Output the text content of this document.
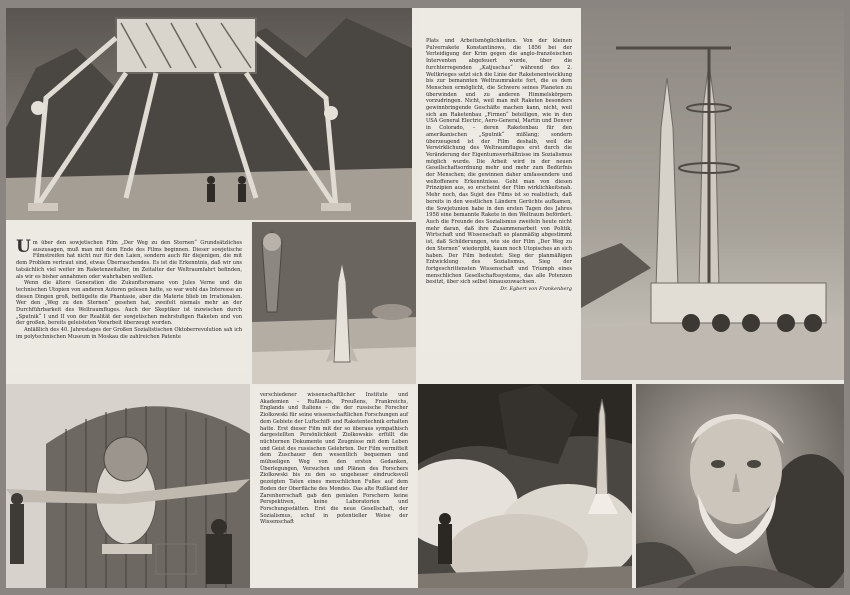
Plats und Arbeitsmöglichkeiten. Von der kleinen Pulverrakete Konstantinows, die 1856 bei der Verteidigung der Krim gegen die anglo-französischen Interventen abgefeuert wurde, über die furchterregenden „Katjuschas“ während des 2. Weltkrieges setzt sich die Linie der Raketenentwicklung bis zur bemannten Weltraumrakete fort, die es dem Menschen ermöglicht, die Schwere seines Planeten zu überwinden und zu anderen Himmelskörpern vorzudringen. Nicht, weil man mit Raketen besonders gewinnbringende Geschäfte machen kann, nicht, weil sich am Raketenbau „Firmen“ beteiligen, wie in den USA General Electric, Aero-General, Martin und Denver in Colorado, – deren Raketenbau für den amerikanischen „Sputnik“ mißlang; sondern überzeugend ist der Film deshalb, weil die Verwirklichung des Weltraumfluges erst durch die Veränderung der Eigentumsverhältnisse im Sozialismus möglich wurde. Die Arbeit wird in der neuen Gesellschaftsordnung mehr und mehr zum Bedürfnis der Menschen; die gewinnen daher umfassendere und weltoffenere Erkenntnisse. Geht man von diesen Prinzipien aus, so erscheint der Film wirklichkeitsnah. Mehr noch, das Sujet des Films ist so realistisch, daß bereits in den westlichen Ländern Gerüchte aufkamen, die Sowjetunion habe in den ersten Tagen des Jahres 1958 eine bemannte Rakete in den Weltraum befördert. Auch die Freunde des Sozialismus zweifeln heute nicht mehr daran, daß ihre Zusammenarbeit von Politik, Wirtschaft und Wissenschaft so planmäßig abgestimmt ist, daß Schilderungen, wie sie der Film „Der Weg zu den Sternen“ wiedergibt, kaum noch Utopisches an sich haben. Der Film bedeutet: Sieg der planmäßigen Entwicklung des Sozialismus, Sieg der fortgeschrittensten Wissenschaft und Triumph eines menschlichen Gesellschaftssystems, das alle Potenzen besitzt, über sich selbst hinauszuwachsen.

Dr. Egbert von Frankenberg

U m über den sowjetischen Film „Der Weg zu den Sternen“ Grundsätzliches auszusagen, muß man mit dem Ende des Films beginnen. Dieser sowjetische Filmstreifen hat nicht nur für den Laien, sondern auch für diejenigen, die mit dem Problem vertraut sind, etwas Überraschendes. Es ist die Erkenntnis, daß wir uns tatsächlich viel weiter im Raketenzeitalter, im Zeitalter der Weltraumfahrt befinden, als wir es bisher annahmen oder wahrhaben wollten.

Wenn die ältere Generation die Zukunftsromane von Jules Verne und die technischen Utopien von anderen Autoren gelesen hatte, so war wohl das Interesse an diesen Dingen groß, beflügelte die Phantasie, aber die Materie blieb im Irrationalen. Wer den „Weg zu den Sternen“ gesehen hat, zweifelt niemals mehr an der Durchführbarkeit des Weltraumfluges. Auch der Skeptiker ist inzwischen durch „Sputnik“ I und II von der Realität der sowjetischen mehrstufigen Raketen und von der großen, bereits geleisteten Vorarbeit überzeugt worden.

Anläßlich des 40. Jahrestages der Großen Sozialistischen Oktoberrevolution sah ich im polytechnischen Museum in Moskau die zahlreichen Patente

verschiedener wissenschaftlicher Institute und Akademien – Rußlands, Preußens, Frankreichs, Englands und Italiens – die der russische Forscher Ziolkowski für seine wissenschaftlichen Forschungen auf dem Gebiete der Luftschiff- und Raketentechnik erhalten hatte. Erst dieser Film mit der so überaus sympathisch dargestellten Persönlichkeit Ziolkowskis erfüllt die nüchternen Dokumente und Zeugnisse mit dem Leben und Geist des russischen Gelehrten. Der Film vermittelt dem Zuschauer den wesentlich bequemen und mühseligen Weg von den ersten Gedanken, Überlegungen, Versuchen und Plänen des Forschers Ziolkowski bis zu den so ungeheuer eindrucksvoll gezeigten Taten eines menschlichen Fußes auf dem Boden der Oberfläche des Mondes. Das alte Rußland der Zarenherrschaft gab den genialen Forschern keine Perspektiven, keine Laboratorien und Forschungsstätten. Erst die neue Gesellschaft, der Sozialismus, schuf in potentieller Weise der Wissenschaft
